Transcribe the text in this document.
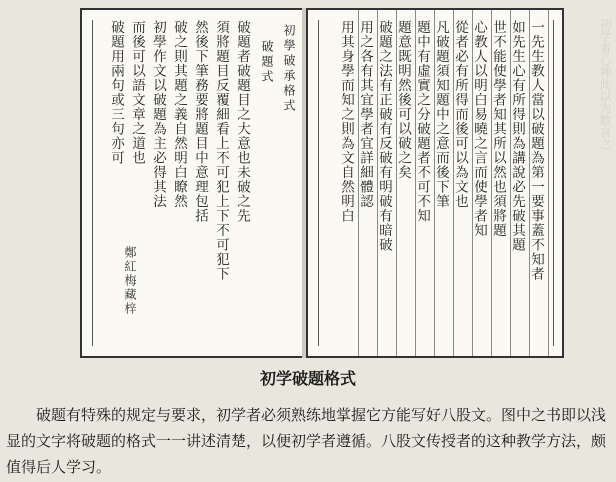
初学者心神此以为数言之
初學破承格式
破題式
鄭紅梅藏梓
破題者破題目之大意也未破之先
須將題目反覆細看上不可犯上下不可犯下
然後下筆務要將題目中意理包括
破之則其題之義自然明白瞭然
初學作文以破題為主必得其法
而後可以語文章之道也
破題用兩句或三句亦可	一先生教人當以破題為第一要事蓋不知者
如先生心有所得則為講說必先破其題
世不能使學者知其所以然也須將題
心教人以明白易曉之言而使學者知
從者必有所得而後可以為文也
凡破題須知題中之意而後下筆
題中有虛實之分破題者不可不知
題意既明然後可以破之矣
破題之法有正破有反破有明破有暗破
用之各有其宜學者宜詳細體認
用其身學而知之則為文自然明白
初学破题格式

破题有特殊的规定与要求，初学者必须熟练地掌握它方能写好八股文。图中之书即以浅显的文字将破题的格式一一讲述清楚，以便初学者遵循。八股文传授者的这种教学方法，颇值得后人学习。
